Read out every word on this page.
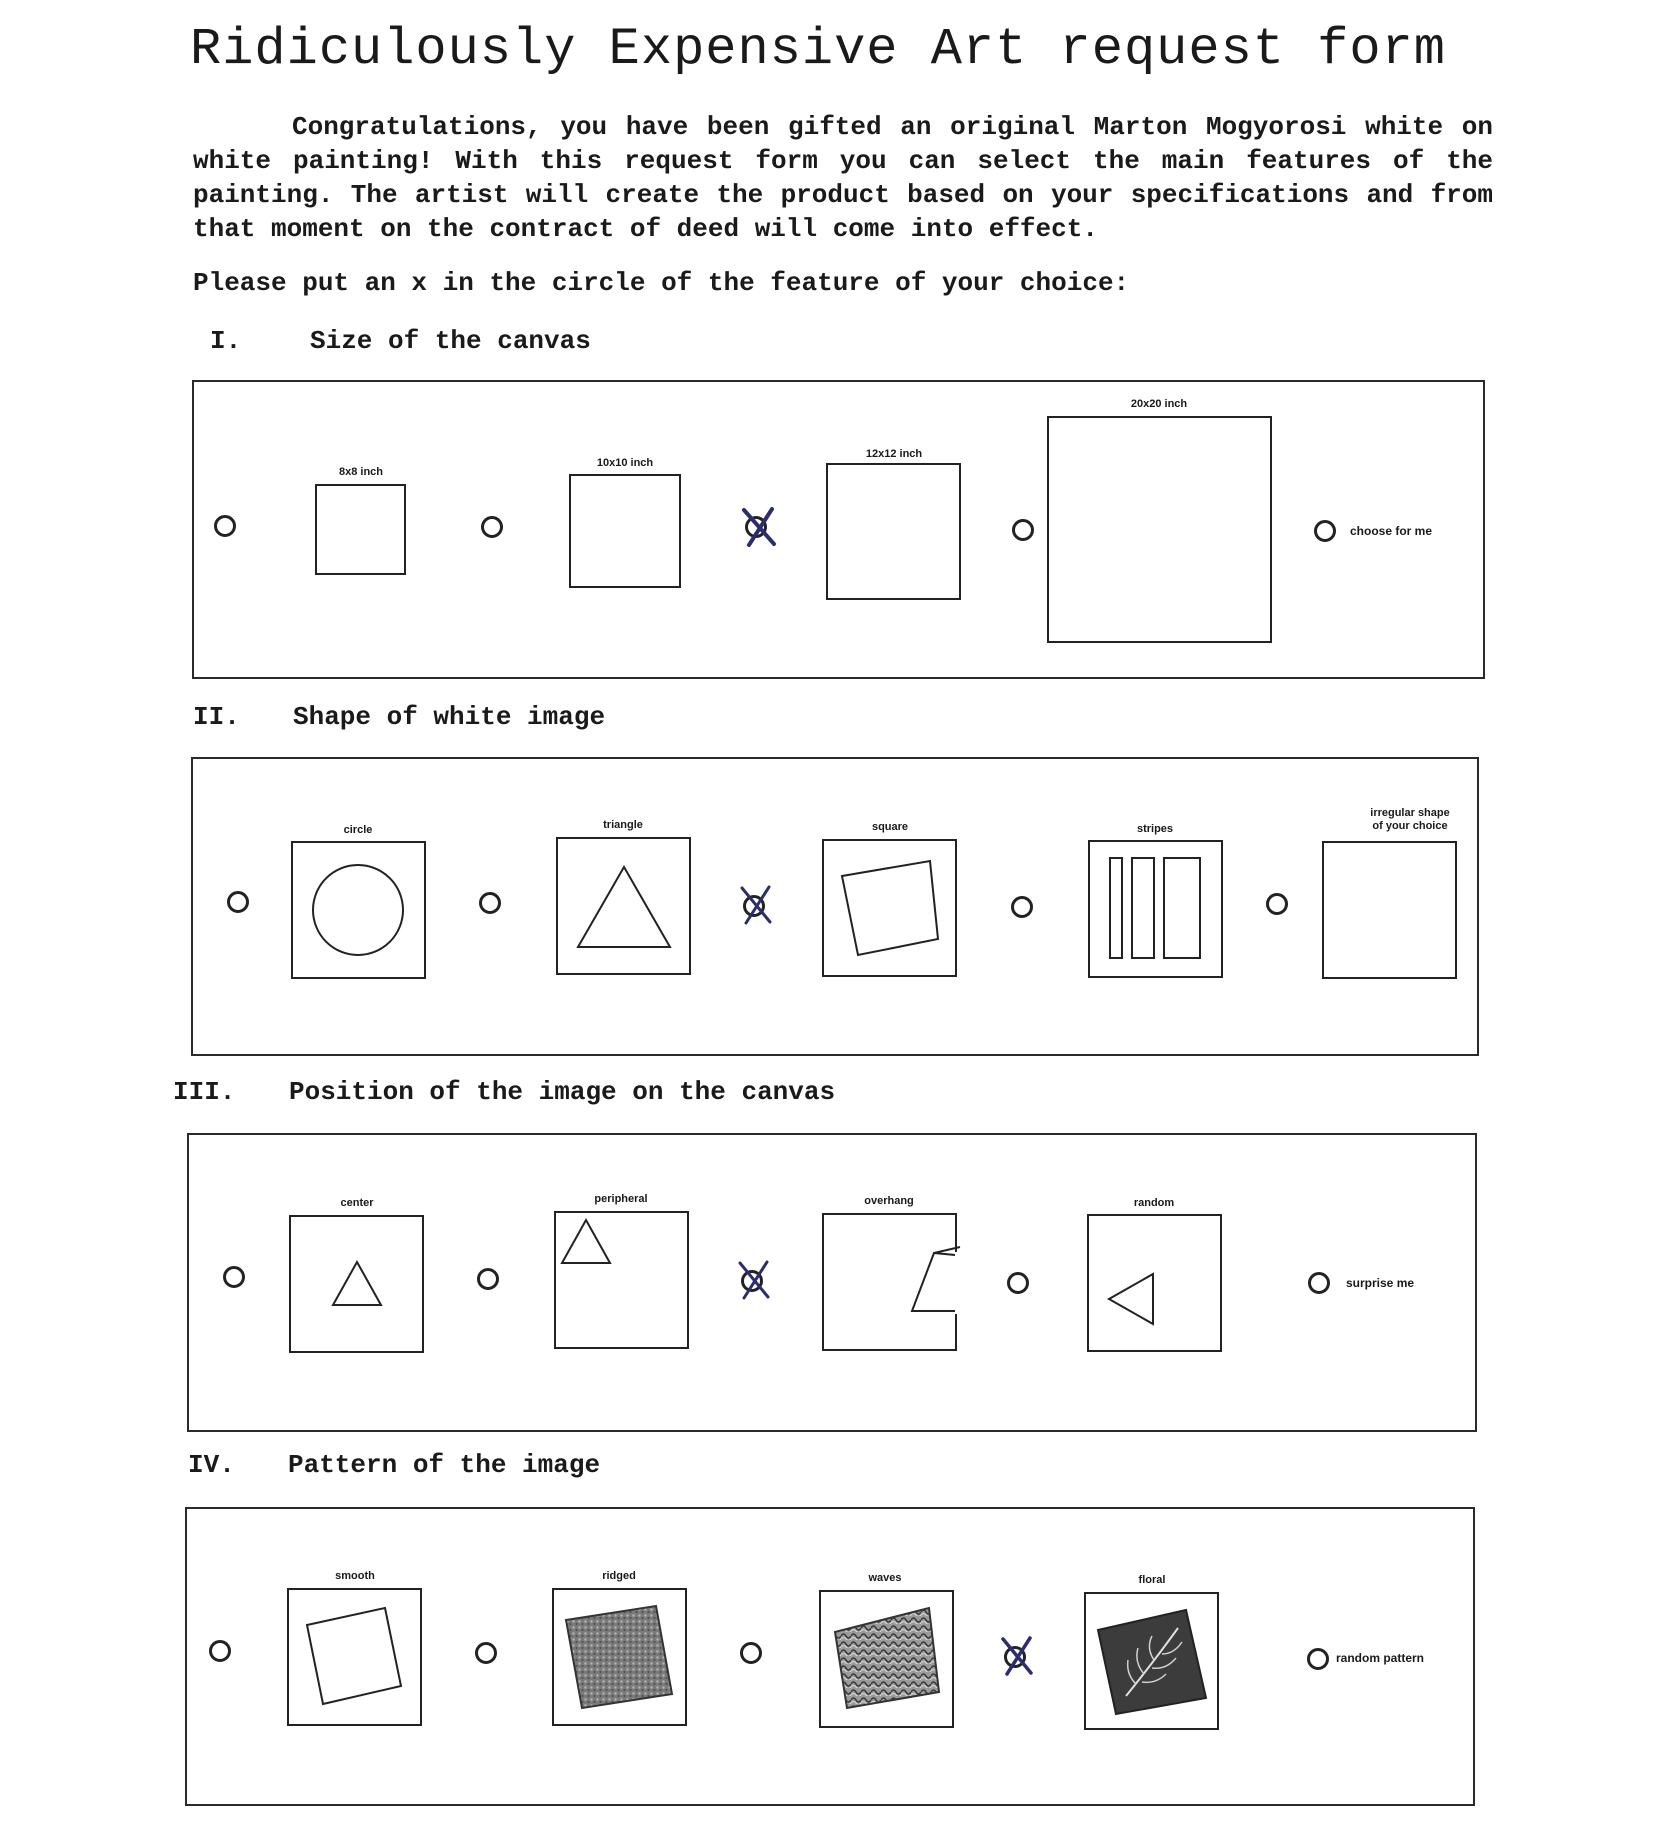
Ridiculously Expensive Art request form
Congratulations, you have been gifted an original Marton Mogyorosi white on white painting! With this request form you can select the main features of the painting. The artist will create the product based on your specifications and from that moment on the contract of deed will come into effect.
Please put an x in the circle of the feature of your choice:
I.	Size of the canvas
8x8 inch
10x10 inch
12x12 inch
20x20 inch
choose for me
II. Shape of white image
circle	triangle	square	stripes
irregular shape
of your choice
III. Position of the image on the canvas
center	peripheral	overhang	random
surprise me
IV. Pattern of the image
smooth	ridged	waves	floral
random pattern
